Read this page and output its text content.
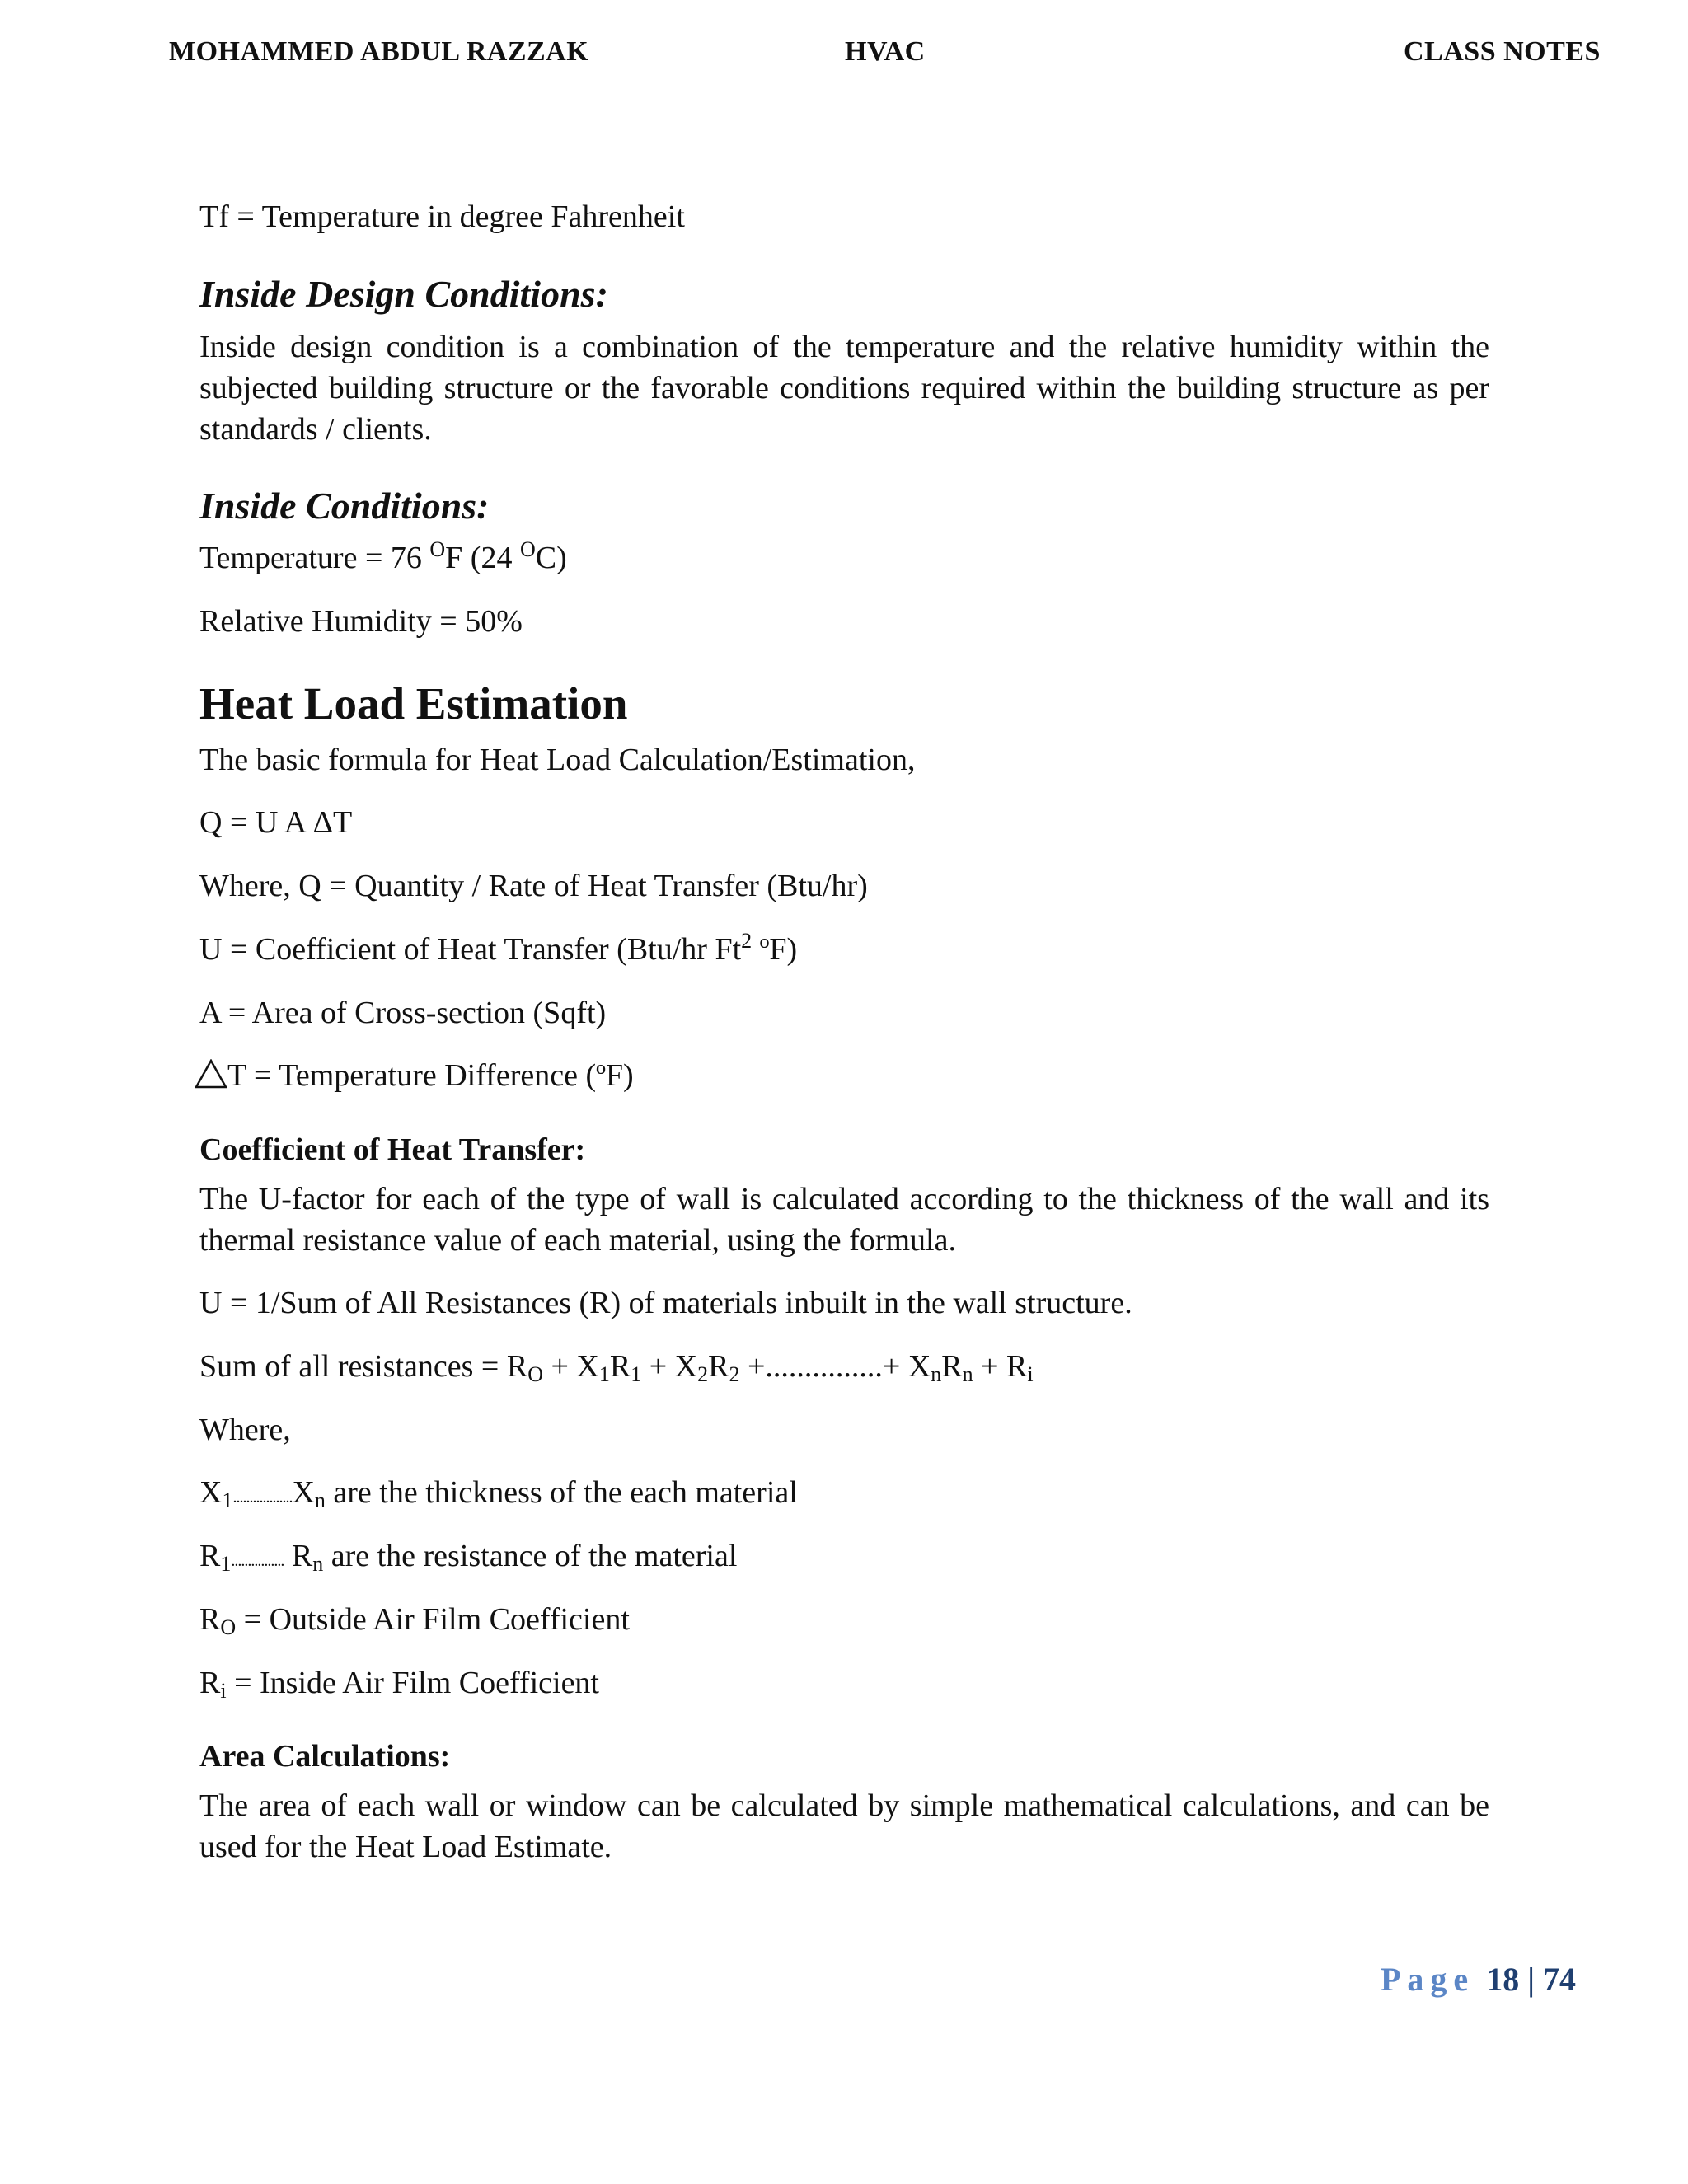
MOHAMMED ABDUL RAZZAK	HVAC	CLASS NOTES
Tf = Temperature in degree Fahrenheit
Inside Design Conditions:
Inside design condition is a combination of the temperature and the relative humidity within the subjected building structure or the favorable conditions required within the building structure as per standards / clients.
Inside Conditions:
Temperature = 76 $^O$F (24 $^O$C)
Relative Humidity = 50%
Heat Load Estimation
The basic formula for Heat Load Calculation/Estimation,
Q = U A ΔT
Where, Q = Quantity / Rate of Heat Transfer (Btu/hr)
U = Coefficient of Heat Transfer (Btu/hr Ft$^2$ ºF)
A = Area of Cross-section (Sqft)
T = Temperature Difference (ºF)
Coefficient of Heat Transfer:
The U-factor for each of the type of wall is calculated according to the thickness of the wall and its thermal resistance value of each material, using the formula.
U = 1/Sum of All Resistances (R) of materials inbuilt in the wall structure.
Sum of all resistances = $R_O + X_1R_1 + X_2R_2$ +...............+ $X_nR_n + R_i$
Where,
$X_1..................X_n$ are the thickness of the each material
$R_1$................ $R_n$ are the resistance of the material
$R_O$ = Outside Air Film Coefficient
$R_i$ = Inside Air Film Coefficient
Area Calculations:
The area of each wall or window can be calculated by simple mathematical calculations, and can be used for the Heat Load Estimate.
Page 18 | 74
